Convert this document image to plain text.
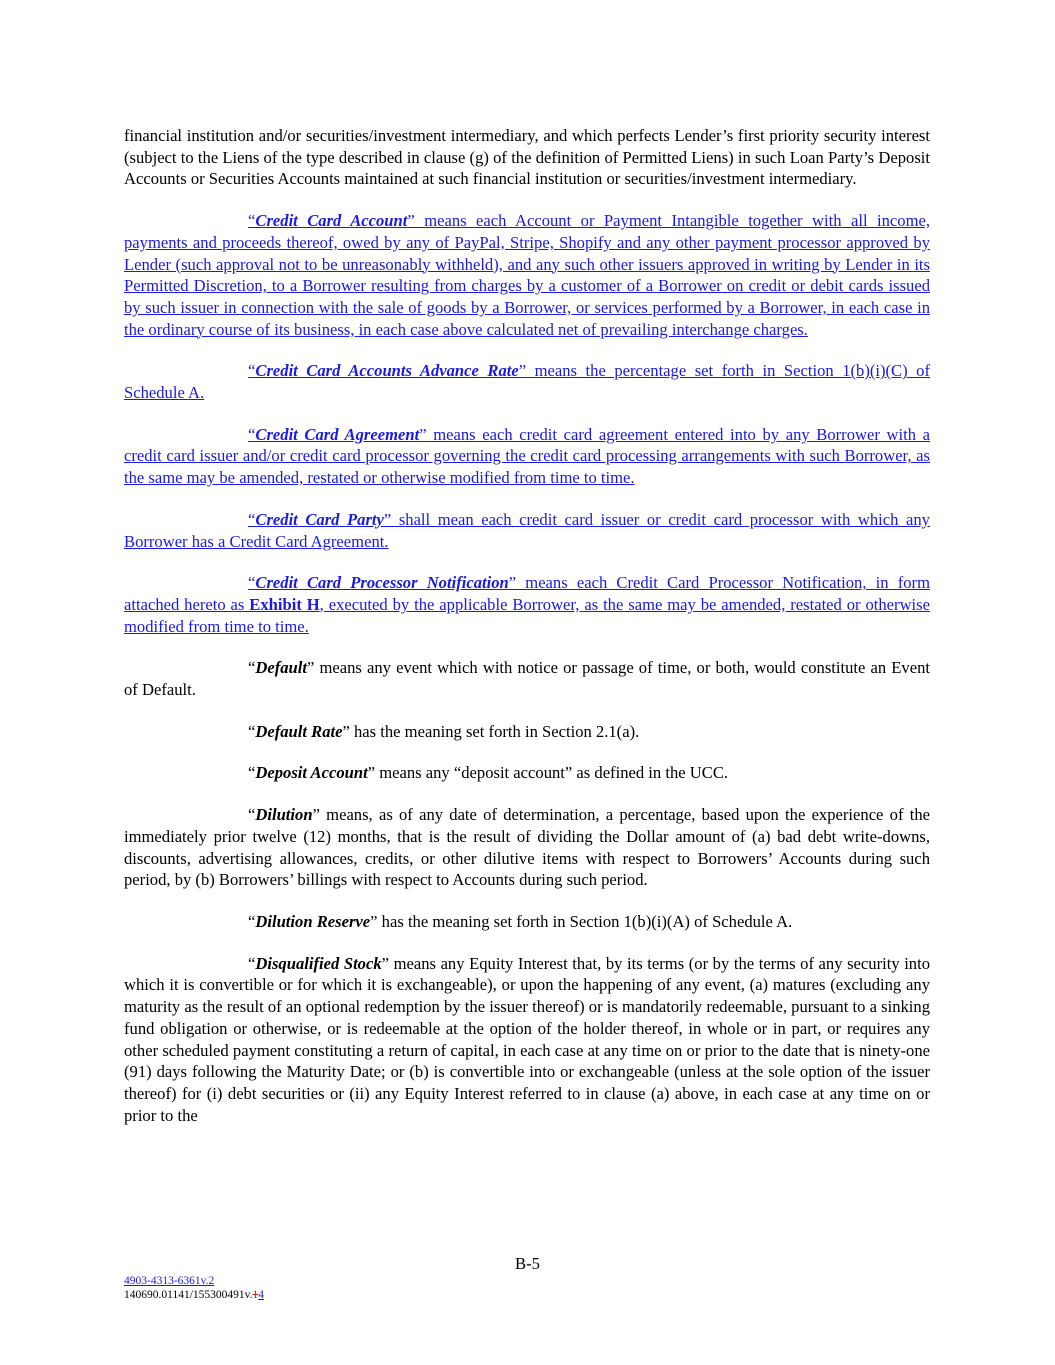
financial institution and/or securities/investment intermediary, and which perfects Lender’s first priority security interest (subject to the Liens of the type described in clause (g) of the definition of Permitted Liens) in such Loan Party’s Deposit Accounts or Securities Accounts maintained at such financial institution or securities/investment intermediary.

“Credit Card Account” means each Account or Payment Intangible together with all income, payments and proceeds thereof, owed by any of PayPal, Stripe, Shopify and any other payment processor approved by Lender (such approval not to be unreasonably withheld), and any such other issuers approved in writing by Lender in its Permitted Discretion, to a Borrower resulting from charges by a customer of a Borrower on credit or debit cards issued by such issuer in connection with the sale of goods by a Borrower, or services performed by a Borrower, in each case in the ordinary course of its business, in each case above calculated net of prevailing interchange charges.

“Credit Card Accounts Advance Rate” means the percentage set forth in Section 1(b)(i)(C) of Schedule A.

“Credit Card Agreement” means each credit card agreement entered into by any Borrower with a credit card issuer and/or credit card processor governing the credit card processing arrangements with such Borrower, as the same may be amended, restated or otherwise modified from time to time.

“Credit Card Party” shall mean each credit card issuer or credit card processor with which any Borrower has a Credit Card Agreement.

“Credit Card Processor Notification” means each Credit Card Processor Notification, in form attached hereto as Exhibit H, executed by the applicable Borrower, as the same may be amended, restated or otherwise modified from time to time.

“Default” means any event which with notice or passage of time, or both, would constitute an Event of Default.

“Default Rate” has the meaning set forth in Section 2.1(a).

“Deposit Account” means any “deposit account” as defined in the UCC.

“Dilution” means, as of any date of determination, a percentage, based upon the experience of the immediately prior twelve (12) months, that is the result of dividing the Dollar amount of (a) bad debt write-downs, discounts, advertising allowances, credits, or other dilutive items with respect to Borrowers’ Accounts during such period, by (b) Borrowers’ billings with respect to Accounts during such period.

“Dilution Reserve” has the meaning set forth in Section 1(b)(i)(A) of Schedule A.

“Disqualified Stock” means any Equity Interest that, by its terms (or by the terms of any security into which it is convertible or for which it is exchangeable), or upon the happening of any event, (a) matures (excluding any maturity as the result of an optional redemption by the issuer thereof) or is mandatorily redeemable, pursuant to a sinking fund obligation or otherwise, or is redeemable at the option of the holder thereof, in whole or in part, or requires any other scheduled payment constituting a return of capital, in each case at any time on or prior to the date that is ninety-one (91) days following the Maturity Date; or (b) is convertible into or exchangeable (unless at the sole option of the issuer thereof) for (i) debt securities or (ii) any Equity Interest referred to in clause (a) above, in each case at any time on or prior to the

B-5
4903-4313-6361v.2
140690.01141/155300491v.14
